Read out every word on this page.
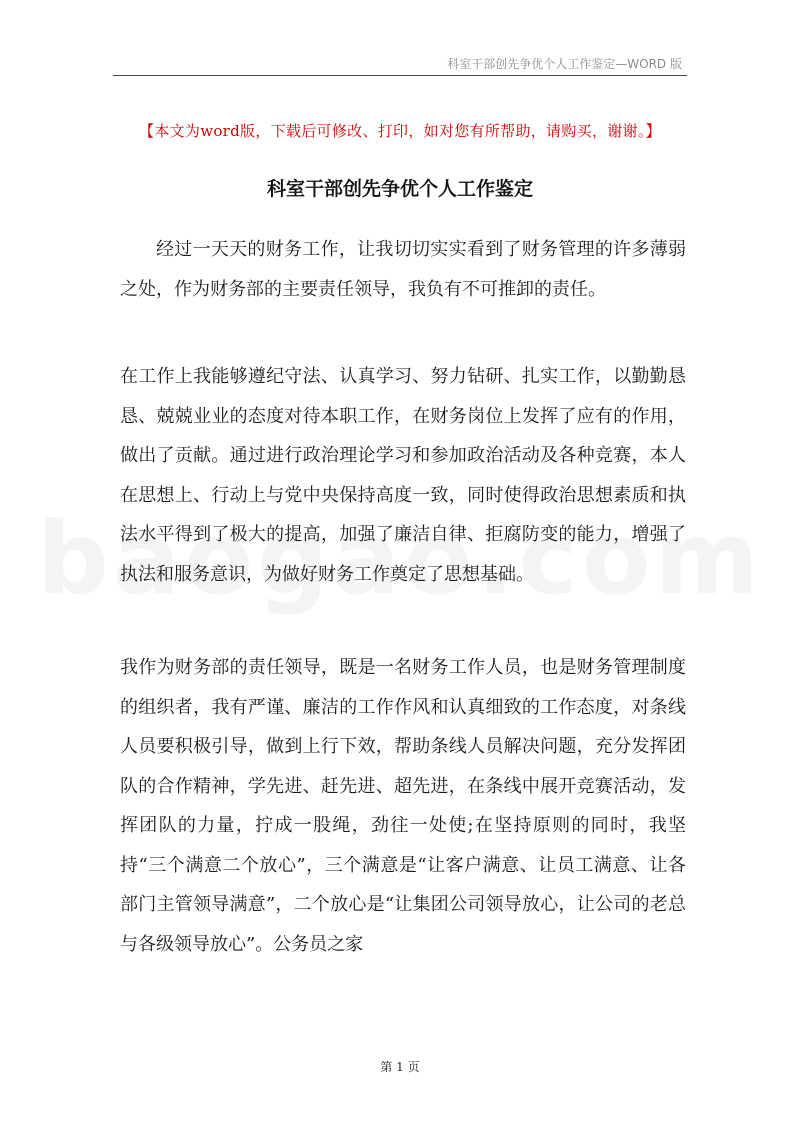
科室干部创先争优个人工作鉴定—WORD 版
【本文为word版，下载后可修改、打印，如对您有所帮助，请购买，谢谢。】
科室干部创先争优个人工作鉴定

经过一天天的财务工作，让我切切实实看到了财务管理的许多薄弱之处，作为财务部的主要责任领导，我负有不可推卸的责任。

在工作上我能够遵纪守法、认真学习、努力钻研、扎实工作，以勤勤恳恳、兢兢业业的态度对待本职工作，在财务岗位上发挥了应有的作用，做出了贡献。通过进行政治理论学习和参加政治活动及各种竞赛，本人在思想上、行动上与党中央保持高度一致，同时使得政治思想素质和执法水平得到了极大的提高，加强了廉洁自律、拒腐防变的能力，增强了执法和服务意识，为做好财务工作奠定了思想基础。

我作为财务部的责任领导，既是一名财务工作人员，也是财务管理制度的组织者，我有严谨、廉洁的工作作风和认真细致的工作态度，对条线人员要积极引导，做到上行下效，帮助条线人员解决问题，充分发挥团队的合作精神，学先进、赶先进、超先进，在条线中展开竞赛活动，发挥团队的力量，拧成一股绳，劲往一处使;在坚持原则的同时，我坚持“三个满意二个放心”，三个满意是“让客户满意、让员工满意、让各部门主管领导满意”，二个放心是“让集团公司领导放心，让公司的老总与各级领导放心”。公务员之家

第 1 页
